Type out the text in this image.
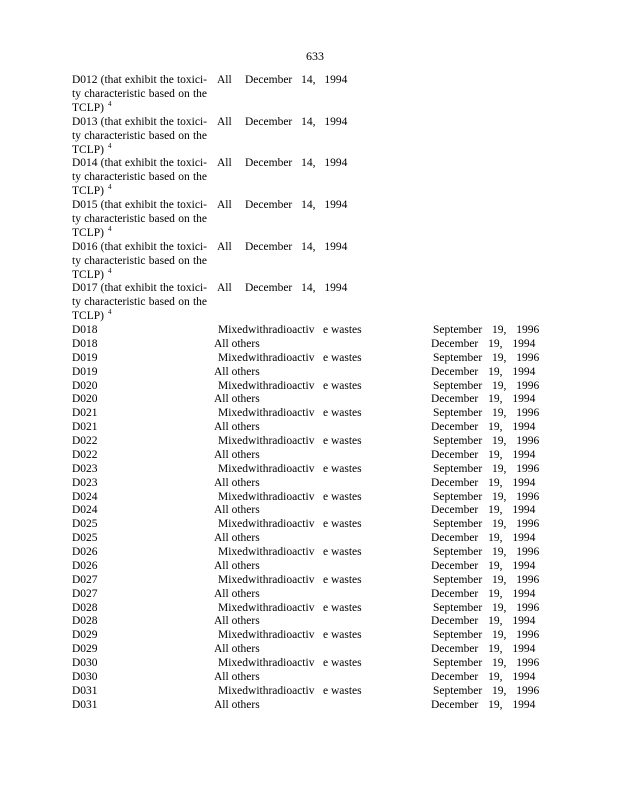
633
D012 (that exhibit the toxici-
ty characteristic based on the
TCLP) $^4$
All December 14, 1994
D013 (that exhibit the toxici-
ty characteristic based on the
TCLP) $^4$
All December 14, 1994
D014 (that exhibit the toxici-
ty characteristic based on the
TCLP) $^4$
All December 14, 1994
D015 (that exhibit the toxici-
ty characteristic based on the
TCLP) $^4$
All December 14, 1994
D016 (that exhibit the toxici-
ty characteristic based on the
TCLP) $^4$
All December 14, 1994
D017 (that exhibit the toxici-
ty characteristic based on the
TCLP) $^4$
All December 14, 1994
D018	Mixedwithradioactiv e wastes	September 19, 1996
D018	All others	December 19, 1994
D019	Mixedwithradioactiv e wastes	September 19, 1996
D019	All others	December 19, 1994
D020	Mixedwithradioactiv e wastes	September 19, 1996
D020	All others	December 19, 1994
D021	Mixedwithradioactiv e wastes	September 19, 1996
D021	All others	December 19, 1994
D022	Mixedwithradioactiv e wastes	September 19, 1996
D022	All others	December 19, 1994
D023	Mixedwithradioactiv e wastes	September 19, 1996
D023	All others	December 19, 1994
D024	Mixedwithradioactiv e wastes	September 19, 1996
D024	All others	December 19, 1994
D025	Mixedwithradioactiv e wastes	September 19, 1996
D025	All others	December 19, 1994
D026	Mixedwithradioactiv e wastes	September 19, 1996
D026	All others	December 19, 1994
D027	Mixedwithradioactiv e wastes	September 19, 1996
D027	All others	December 19, 1994
D028	Mixedwithradioactiv e wastes	September 19, 1996
D028	All others	December 19, 1994
D029	Mixedwithradioactiv e wastes	September 19, 1996
D029	All others	December 19, 1994
D030	Mixedwithradioactiv e wastes	September 19, 1996
D030	All others	December 19, 1994
D031	Mixedwithradioactiv e wastes	September 19, 1996
D031	All others	December 19, 1994
